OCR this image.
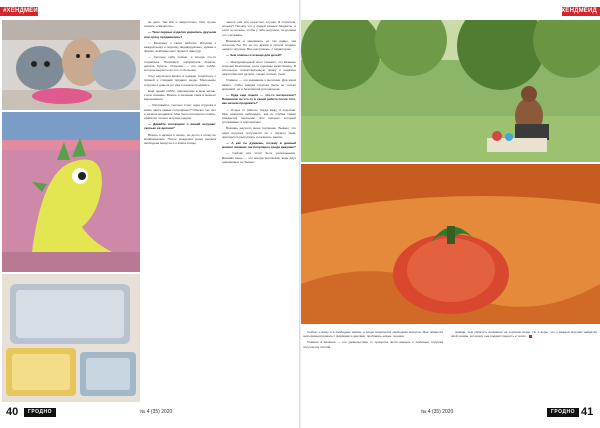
#ХЕНДМЕЙД

за дело. Так всё и закрутилось. Или лучше сказать «связалось».

— Твои первые изделия дарились друзьям или сразу продавались?

— Расскажу о своих работах. Игрушки к каждой вещи я подхожу индивидуально, думаю о форме, выбираю цвет пряжи и фактуру.

— Сколько себя помню, я всегда что-то создавала. Например, оформляла бокалы, делала букеты. Игрушки — это моё хобби, которое выросло во что-то большее.

Хочу научиться вязать в одежде. Коробочку с пряжей и спицами продают везде. Маленькие игрушки я довела до ума и начала продавать.

Ещё одним хобби, пришедшим в мою жизнь, стало вязание. Вязать я начинаю сама в момент вдохновения.

— Расскажите, сколько стоит одна игрушка и какие цвета самые популярные? Обычно так, вот и начала продавать. Мне было интересно понять, нравятся ли мои игрушки людям.

— Давайте поговорим о вашей игрушке: сколько её делали?

Вязать я начала в школе, но долго к этому не возвращалась. После рождения дочки выпала свободная минутка и я взяла спицы.

чается она для нечастого случая. Я спросила, почему? Потому что у людей разные бюджеты, и если ты хочешь, чтобы у тебя покупали, ты должна это учитывать.

Вязанием я занимаюсь не так давно, как хотелось бы. Но за это время я успела создать немало игрушек. Все они разные, с характером.

— Чем опасны эти вещи для детей?

— Международный опыт показал, что вязаные игрушки безопасны, если сделаны качественно. Я использую гипоаллергенную пряжу и надёжно закрепляю все детали: глазки, носики, ушки.

Главное — это внимание к мелочам. Для меня важно, чтобы каждая игрушка была не только красивой, но и безопасной для малыша.

— Куда ещё пошли — что-то интересное? Поменяли ли что-то в своей работе после того, как начали продавать?

— Отдых от работы. Когда вяжу, я отдыхаю. Мне нравится наблюдать, как из клубка пряжи рождается персонаж. Это процесс, который успокаивает и вдохновляет.

Вязание научило меня терпению. Бывает, что одна игрушка получается не с первого раза, приходится распускать и начинать заново.

— А как ты думаешь, почему в данный момент вязание так популярно среди девушек?

— Сейчас все хотят быть уникальными. Вязаная вещь — это всегда эксклюзив, ведь двух одинаковых не бывает.

40	ГРОДНО	№ 4 (35) 2020
#ХЕНДМЕЙД

Сейчас я вяжу и в свободное время, и когда появляется свободная минутка. Мне нравится экспериментировать с формами и цветами, пробовать новые техники.

Главное в вязании — это удовольствие от процесса. Если вяжешь с любовью, игрушка получается тёплой.

правде, чем обратить внимание на хорошие вещи. Но я верю, что у каждой игрушки найдётся свой хозяин, которому она подарит радость и тепло.

№ 4 (35) 2020	ГРОДНО 41
